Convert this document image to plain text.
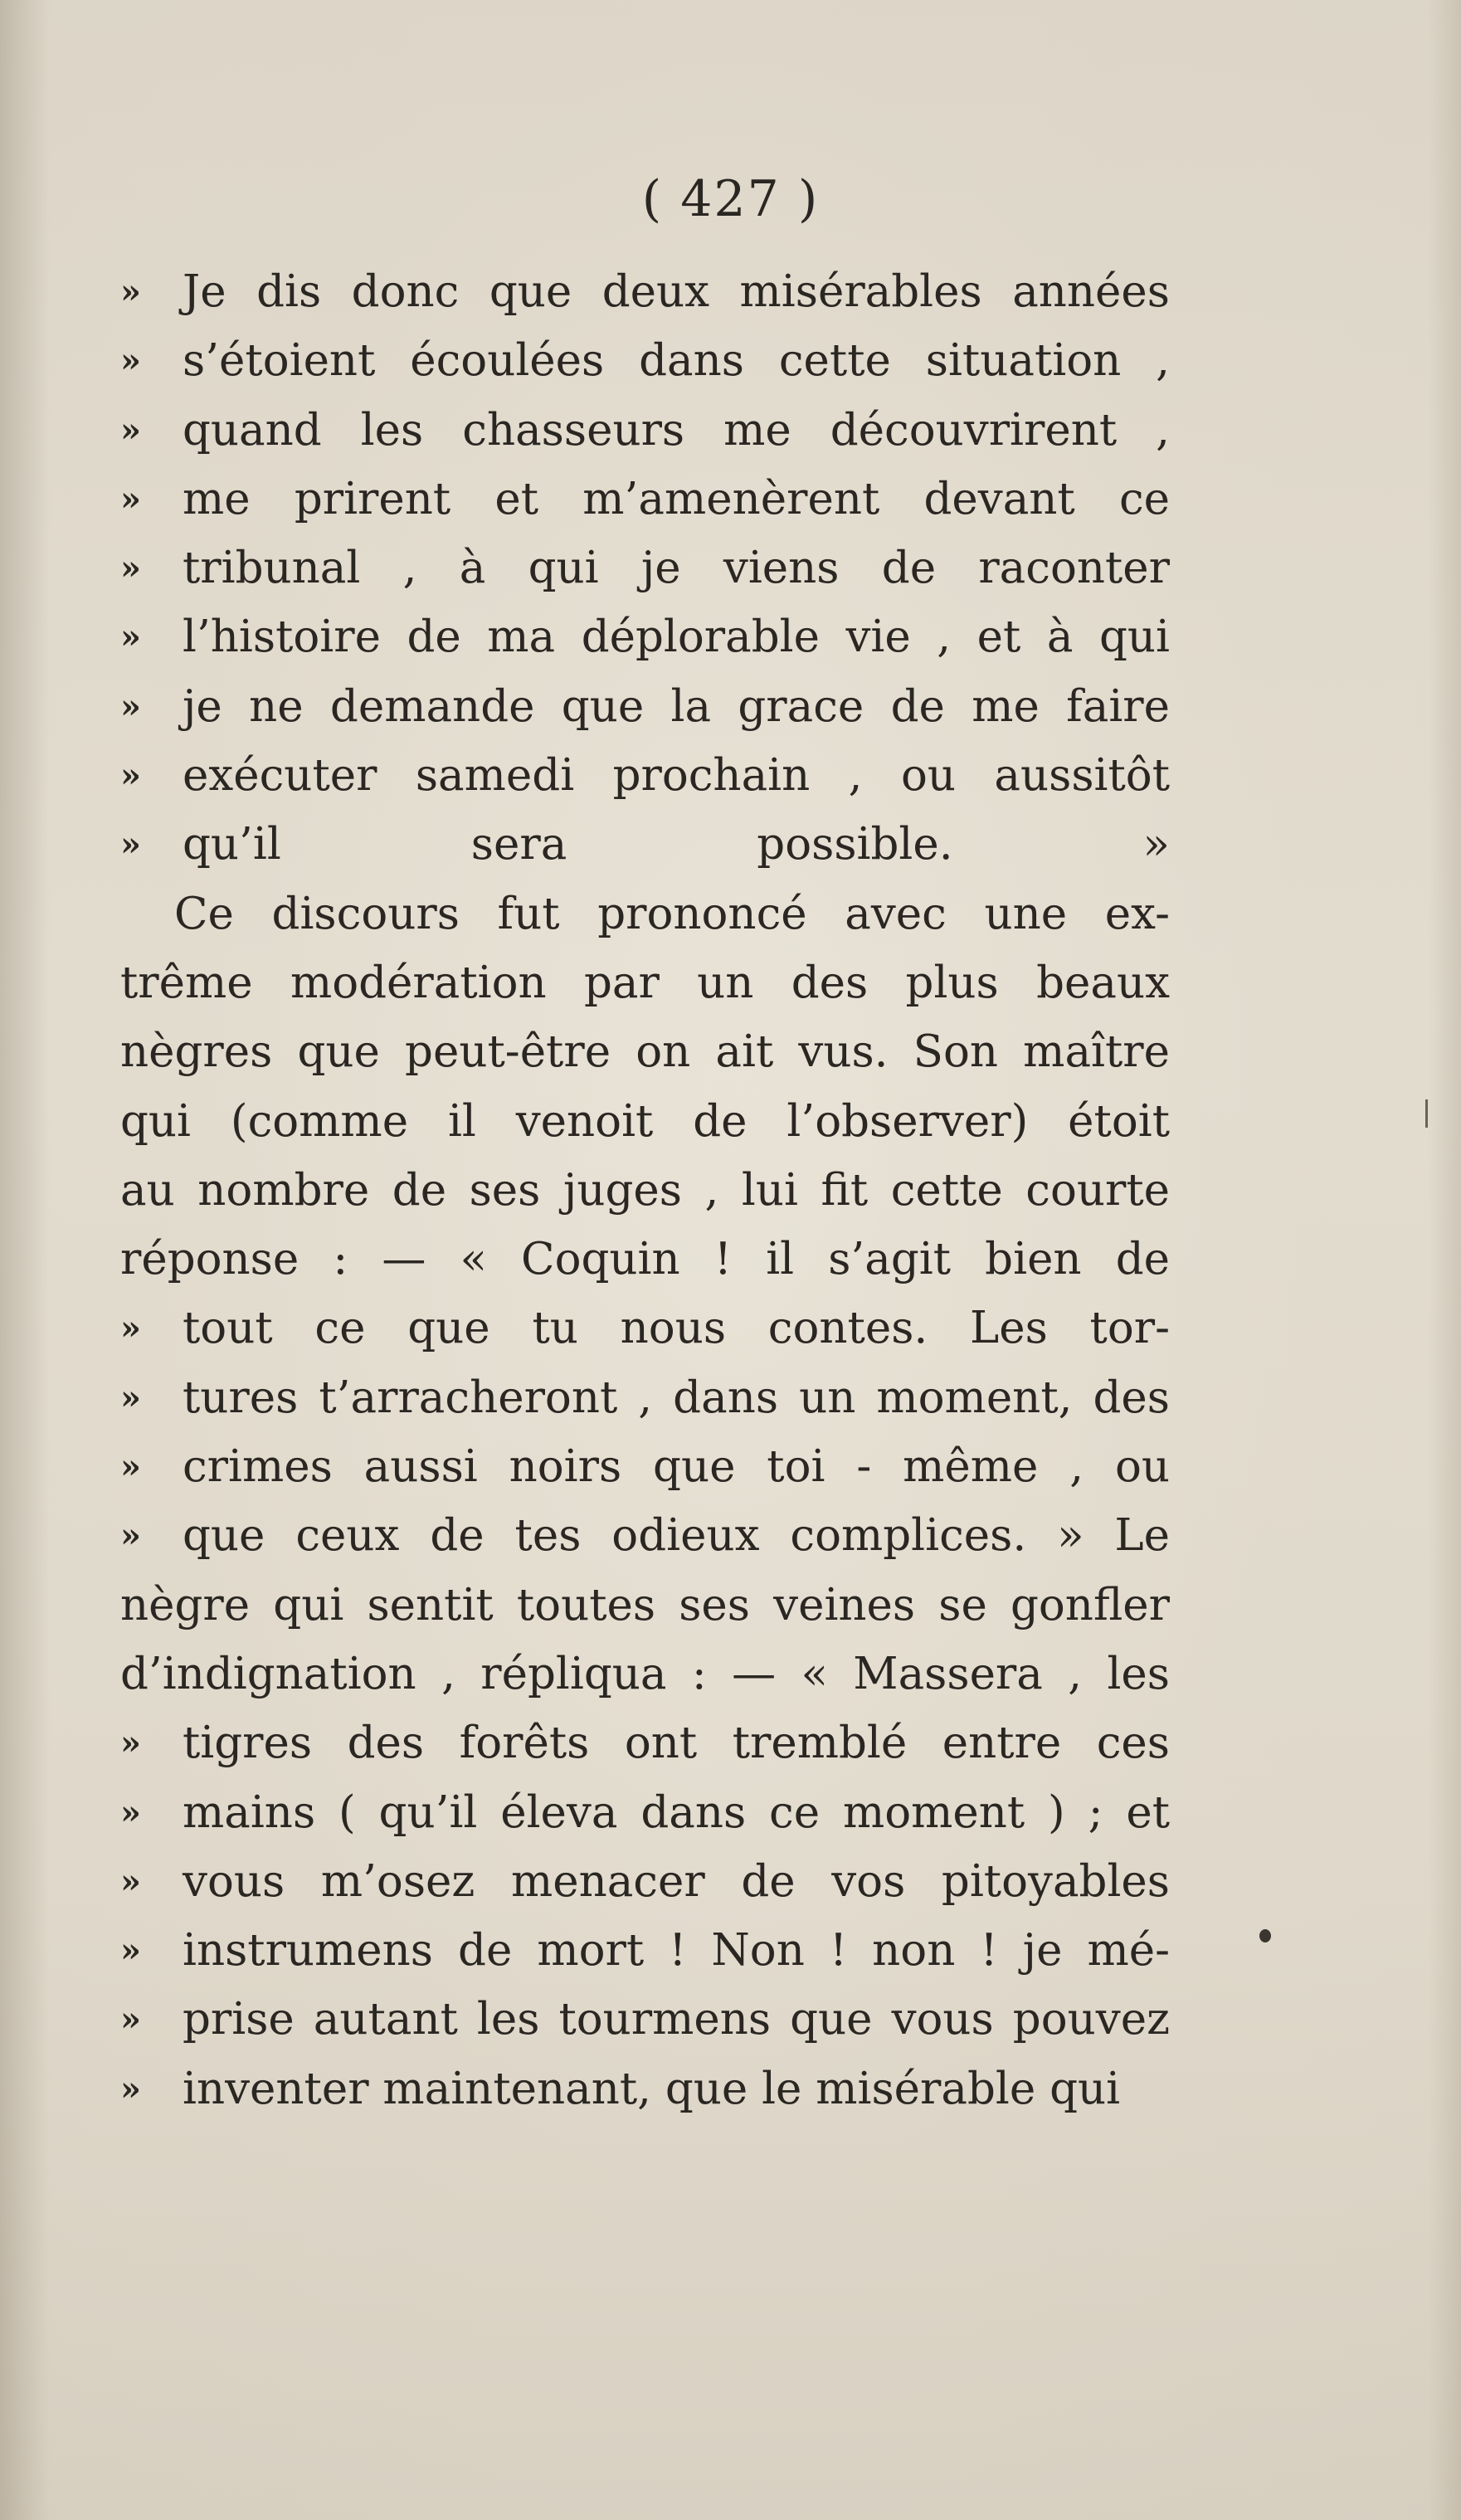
( 427 )
» Je dis donc que deux misérables années
» s’étoient écoulées dans cette situation ,
» quand les chasseurs me découvrirent ,
» me prirent et m’amenèrent devant ce
» tribunal , à qui je viens de raconter
» l’histoire de ma déplorable vie , et à qui
» je ne demande que la grace de me faire
» exécuter samedi prochain , ou aussitôt
» qu’il sera possible. »
Ce discours fut prononcé avec une ex-
trême modération par un des plus beaux
nègres que peut-être on ait vus. Son maître
qui (comme il venoit de l’observer) étoit
au nombre de ses juges , lui fit cette courte
réponse : — « Coquin ! il s’agit bien de
» tout ce que tu nous contes. Les tor-
» tures t’arracheront , dans un moment, des
» crimes aussi noirs que toi - même , ou
» que ceux de tes odieux complices. » Le
nègre qui sentit toutes ses veines se gonfler
d’indignation , répliqua : — « Massera , les
» tigres des forêts ont tremblé entre ces
» mains ( qu’il éleva dans ce moment ) ; et
» vous m’osez menacer de vos pitoyables
» instrumens de mort ! Non ! non ! je mé-
» prise autant les tourmens que vous pouvez
» inventer maintenant, que le misérable qui
